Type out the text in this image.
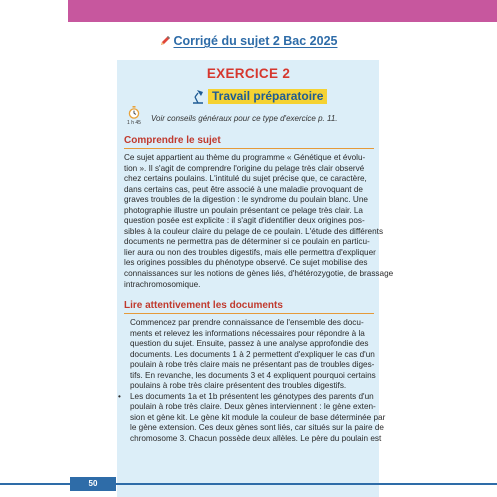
Corrigé du sujet 2 Bac 2025
EXERCICE 2
Travail préparatoire
1 h 45	Voir conseils généraux pour ce type d'exercice p. 11.
Comprendre le sujet
Ce sujet appartient au thème du programme « Génétique et évolu-
tion ». Il s'agit de comprendre l'origine du pelage très clair observé
chez certains poulains. L'intitulé du sujet précise que, ce caractère,
dans certains cas, peut être associé à une maladie provoquant de
graves troubles de la digestion : le syndrome du poulain blanc. Une
photographie illustre un poulain présentant ce pelage très clair. La
question posée est explicite : il s'agit d'identifier deux origines pos-
sibles à la couleur claire du pelage de ce poulain. L'étude des différents
documents ne permettra pas de déterminer si ce poulain en particu-
lier aura ou non des troubles digestifs, mais elle permettra d'expliquer
les origines possibles du phénotype observé. Ce sujet mobilise des
connaissances sur les notions de gènes liés, d'hétérozygotie, de brassage
intrachromosomique.
Lire attentivement les documents
Commencez par prendre connaissance de l'ensemble des docu-
ments et relevez les informations nécessaires pour répondre à la
question du sujet. Ensuite, passez à une analyse approfondie des
documents. Les documents 1 à 2 permettent d'expliquer le cas d'un
poulain à robe très claire mais ne présentant pas de troubles diges-
tifs. En revanche, les documents 3 et 4 expliquent pourquoi certains
poulains à robe très claire présentent des troubles digestifs.
• Les documents 1a et 1b présentent les génotypes des parents d'un
poulain à robe très claire. Deux gènes interviennent : le gène exten-
sion et gène kit. Le gène kit module la couleur de base déterminée par
le gène extension. Ces deux gènes sont liés, car situés sur la paire de
chromosome 3. Chacun possède deux allèles. Le père du poulain est
50
